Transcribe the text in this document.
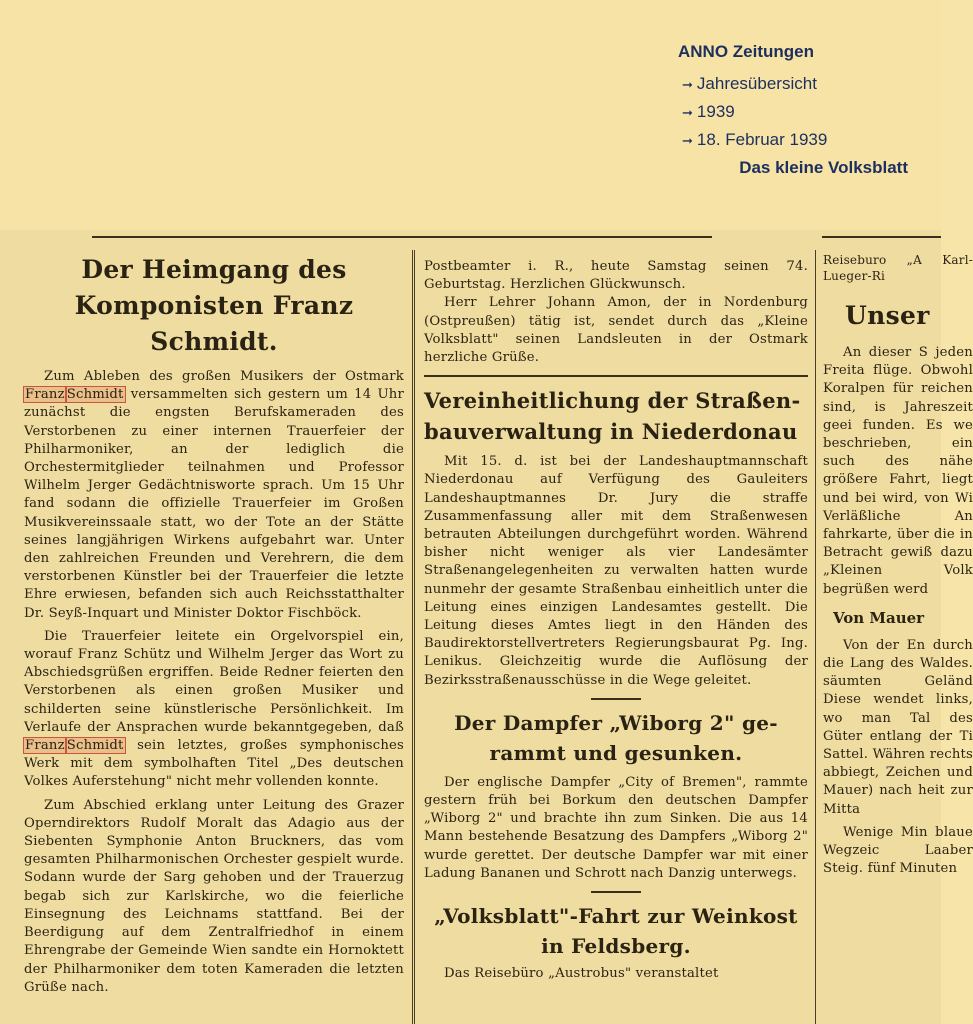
ANNO Zeitungen
➞ Jahresübersicht
➞ 1939
➞ 18. Februar 1939
Das kleine Volksblatt
Der Heimgang des
Komponisten Franz Schmidt.

Zum Ableben des großen Musikers der Ostmark Franz Schmidt versammelten sich gestern um 14 Uhr zunächst die engsten Berufskameraden des Verstorbenen zu einer internen Trauerfeier der Philharmoniker, an der lediglich die Orchestermitglieder teilnahmen und Professor Wilhelm Jerger Gedächtnisworte sprach. Um 15 Uhr fand sodann die offizielle Trauerfeier im Großen Musikvereinssaale statt, wo der Tote an der Stätte seines langjährigen Wirkens aufgebahrt war. Unter den zahlreichen Freunden und Verehrern, die dem verstorbenen Künstler bei der Trauerfeier die letzte Ehre erwiesen, befanden sich auch Reichsstatthalter Dr. Seyß-Inquart und Minister Doktor Fischböck.

Die Trauerfeier leitete ein Orgelvorspiel ein, worauf Franz Schütz und Wilhelm Jerger das Wort zu Abschiedsgrüßen ergriffen. Beide Redner feierten den Verstorbenen als einen großen Musiker und schilderten seine künstlerische Persönlichkeit. Im Verlaufe der Ansprachen wurde bekanntgegeben, daß Franz Schmidt sein letztes, großes symphonisches Werk mit dem symbolhaften Titel „Des deutschen Volkes Auferstehung" nicht mehr vollenden konnte.

Zum Abschied erklang unter Leitung des Grazer Operndirektors Rudolf Moralt das Adagio aus der Siebenten Symphonie Anton Bruckners, das vom gesamten Philharmonischen Orchester gespielt wurde. Sodann wurde der Sarg gehoben und der Trauerzug begab sich zur Karlskirche, wo die feierliche Einsegnung des Leichnams stattfand. Bei der Beerdigung auf dem Zentralfriedhof in einem Ehrengrabe der Gemeinde Wien sandte ein Hornoktett der Philharmoniker dem toten Kameraden die letzten Grüße nach.

Postbeamter i. R., heute Samstag seinen 74. Geburtstag. Herzlichen Glückwunsch.

Herr Lehrer Johann Amon, der in Nordenburg (Ostpreußen) tätig ist, sendet durch das „Kleine Volksblatt" seinen Landsleuten in der Ostmark herzliche Grüße.

Vereinheitlichung der Straßen-
bauverwaltung in Niederdonau

Mit 15. d. ist bei der Landeshauptmannschaft Niederdonau auf Verfügung des Gauleiters Landeshauptmannes Dr. Jury die straffe Zusammenfassung aller mit dem Straßenwesen betrauten Abteilungen durchgeführt worden. Während bisher nicht weniger als vier Landesämter Straßenangelegenheiten zu verwalten hatten wurde nunmehr der gesamte Straßenbau einheitlich unter die Leitung eines einzigen Landesamtes gestellt. Die Leitung dieses Amtes liegt in den Händen des Baudirektorstellvertreters Regierungsbaurat Pg. Ing. Lenikus. Gleichzeitig wurde die Auflösung der Bezirksstraßenausschüsse in die Wege geleitet.

Der Dampfer „Wiborg 2" ge-
rammt und gesunken.

Der englische Dampfer „City of Bremen", rammte gestern früh bei Borkum den deutschen Dampfer „Wiborg 2" und brachte ihn zum Sinken. Die aus 14 Mann bestehende Besatzung des Dampfers „Wiborg 2" wurde gerettet. Der deutsche Dampfer war mit einer Ladung Bananen und Schrott nach Danzig unterwegs.

„Volksblatt"-Fahrt zur Weinkost
in Feldsberg.

Das Reisebüro „Austrobus" veranstaltet

Reiseburo „A Karl-Lueger-Ri

Unser

An dieser S jeden Freita flüge. Obwohl Koralpen für reichen sind, is Jahreszeit geei funden. Es we beschrieben, ein such des nähe größere Fahrt, liegt und bei wird, von Wi Verläßliche An fahrkarte, über die in Betracht gewiß dazu „Kleinen Volk begrüßen werd

Von Mauer

Von der En durch die Lang des Waldes. säumten Geländ Diese wendet links, wo man Tal des Güter entlang der Ti Sattel. Währen rechts abbiegt, Zeichen und Mauer) nach heit zur Mitta

Wenige Min blaue Wegzeic Laaber Steig. fünf Minuten
